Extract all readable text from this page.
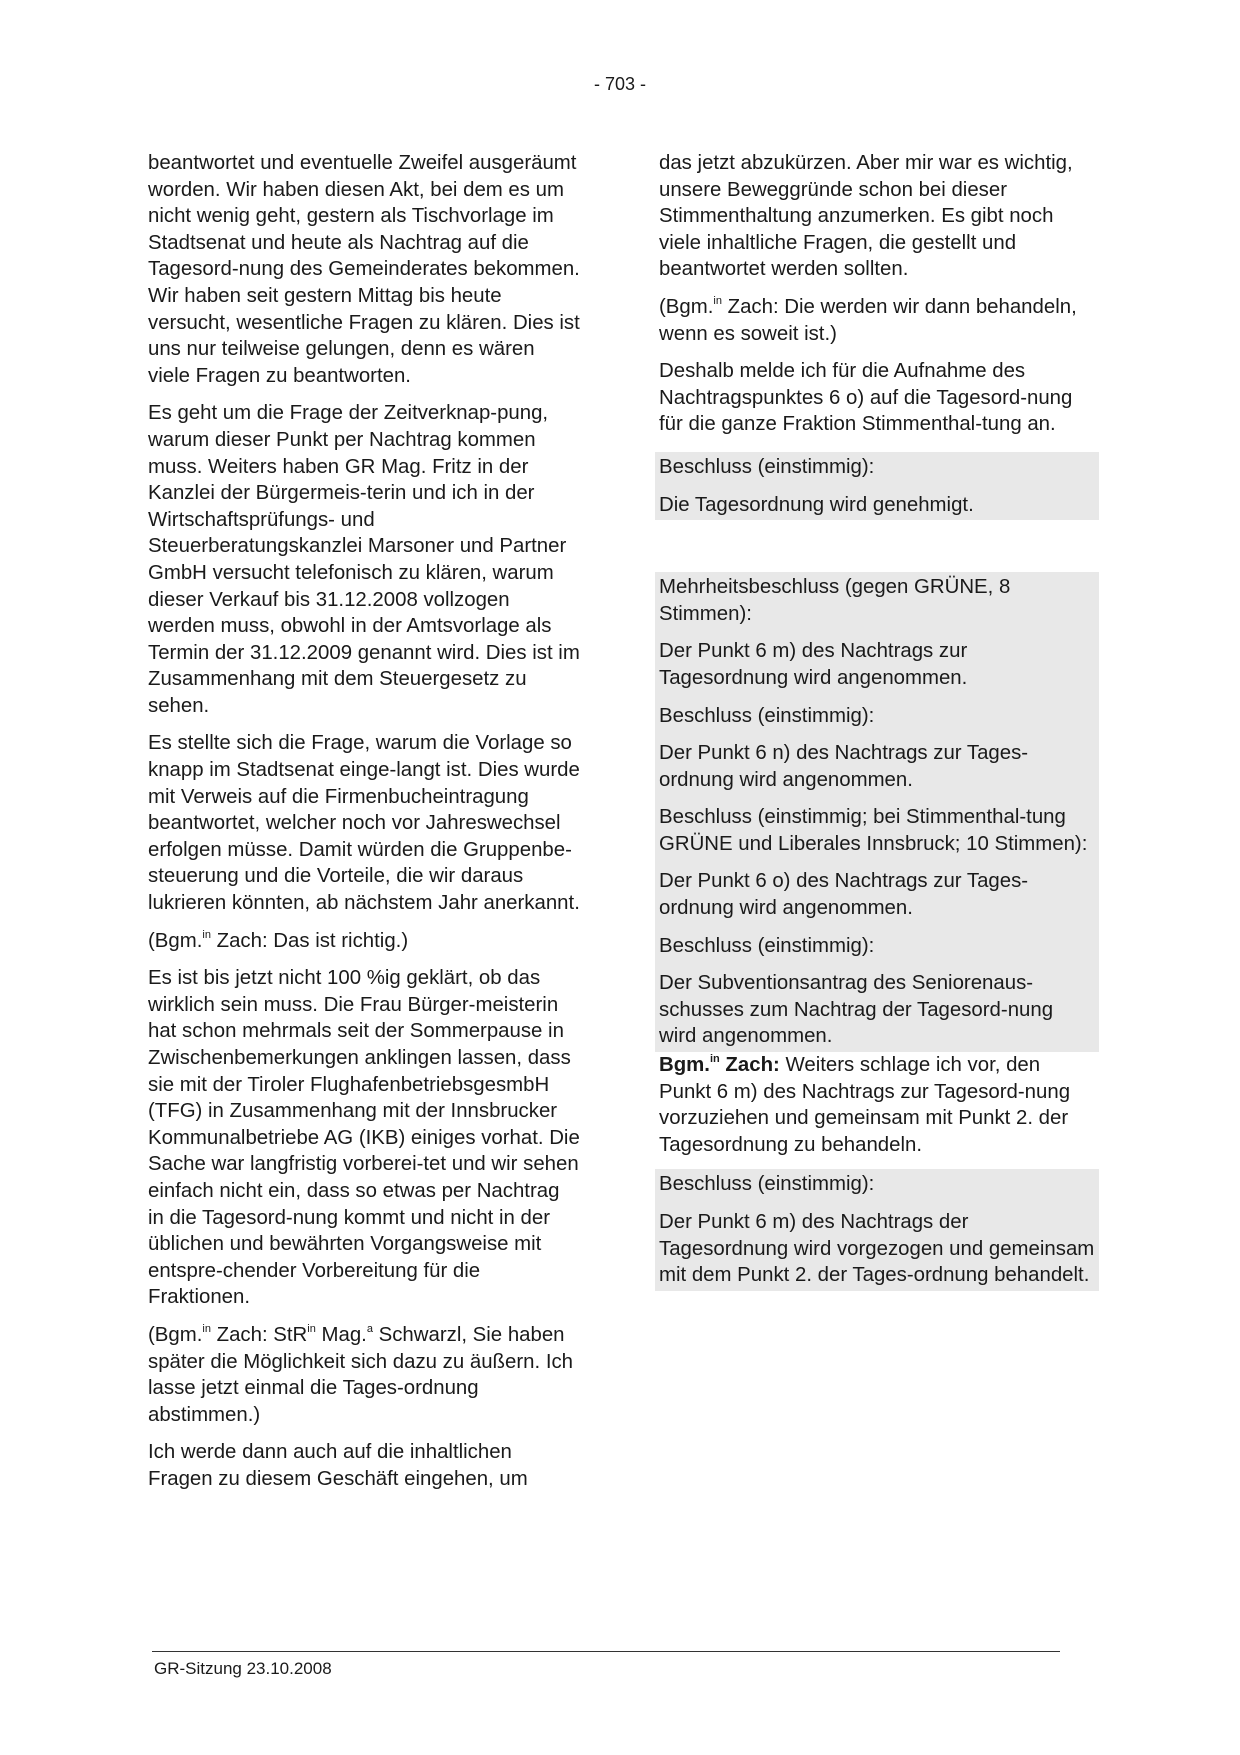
- 703 -

beantwortet und eventuelle Zweifel ausgeräumt worden. Wir haben diesen Akt, bei dem es um nicht wenig geht, gestern als Tischvorlage im Stadtsenat und heute als Nachtrag auf die Tagesord-nung des Gemeinderates bekommen. Wir haben seit gestern Mittag bis heute versucht, wesentliche Fragen zu klären. Dies ist uns nur teilweise gelungen, denn es wären viele Fragen zu beantworten.

Es geht um die Frage der Zeitverknap-pung, warum dieser Punkt per Nachtrag kommen muss. Weiters haben GR Mag. Fritz in der Kanzlei der Bürgermeis-terin und ich in der Wirtschaftsprüfungs- und Steuerberatungskanzlei Marsoner und Partner GmbH versucht telefonisch zu klären, warum dieser Verkauf bis 31.12.2008 vollzogen werden muss, obwohl in der Amtsvorlage als Termin der 31.12.2009 genannt wird. Dies ist im Zusammenhang mit dem Steuergesetz zu sehen.

Es stellte sich die Frage, warum die Vorlage so knapp im Stadtsenat einge-langt ist. Dies wurde mit Verweis auf die Firmenbucheintragung beantwortet, welcher noch vor Jahreswechsel erfolgen müsse. Damit würden die Gruppenbe-steuerung und die Vorteile, die wir daraus lukrieren könnten, ab nächstem Jahr anerkannt.

(Bgm.$^{in}$ Zach: Das ist richtig.)

Es ist bis jetzt nicht 100 %ig geklärt, ob das wirklich sein muss. Die Frau Bürger-meisterin hat schon mehrmals seit der Sommerpause in Zwischenbemerkungen anklingen lassen, dass sie mit der Tiroler FlughafenbetriebsgesmbH (TFG) in Zusammenhang mit der Innsbrucker Kommunalbetriebe AG (IKB) einiges vorhat. Die Sache war langfristig vorberei-tet und wir sehen einfach nicht ein, dass so etwas per Nachtrag in die Tagesord-nung kommt und nicht in der üblichen und bewährten Vorgangsweise mit entspre-chender Vorbereitung für die Fraktionen.

(Bgm.$^{in}$ Zach: StR$^{in}$ Mag.$^a$ Schwarzl, Sie haben später die Möglichkeit sich dazu zu äußern. Ich lasse jetzt einmal die Tages-ordnung abstimmen.)

Ich werde dann auch auf die inhaltlichen Fragen zu diesem Geschäft eingehen, um

das jetzt abzukürzen. Aber mir war es wichtig, unsere Beweggründe schon bei dieser Stimmenthaltung anzumerken. Es gibt noch viele inhaltliche Fragen, die gestellt und beantwortet werden sollten.

(Bgm.$^{in}$ Zach: Die werden wir dann behandeln, wenn es soweit ist.)

Deshalb melde ich für die Aufnahme des Nachtragspunktes 6 o) auf die Tagesord-nung für die ganze Fraktion Stimmenthal-tung an.

Beschluss (einstimmig):

Die Tagesordnung wird genehmigt.

Mehrheitsbeschluss (gegen GRÜNE, 8 Stimmen):

Der Punkt 6 m) des Nachtrags zur Tagesordnung wird angenommen.

Beschluss (einstimmig):

Der Punkt 6 n) des Nachtrags zur Tages-ordnung wird angenommen.

Beschluss (einstimmig; bei Stimmenthal-tung GRÜNE und Liberales Innsbruck; 10 Stimmen):

Der Punkt 6 o) des Nachtrags zur Tages-ordnung wird angenommen.

Beschluss (einstimmig):

Der Subventionsantrag des Seniorenaus-schusses zum Nachtrag der Tagesord-nung wird angenommen.

Bgm.$^{in}$ Zach: Weiters schlage ich vor, den Punkt 6 m) des Nachtrags zur Tagesord-nung vorzuziehen und gemeinsam mit Punkt 2. der Tagesordnung zu behandeln.

Beschluss (einstimmig):

Der Punkt 6 m) des Nachtrags der Tagesordnung wird vorgezogen und gemeinsam mit dem Punkt 2. der Tages-ordnung behandelt.

GR-Sitzung 23.10.2008
